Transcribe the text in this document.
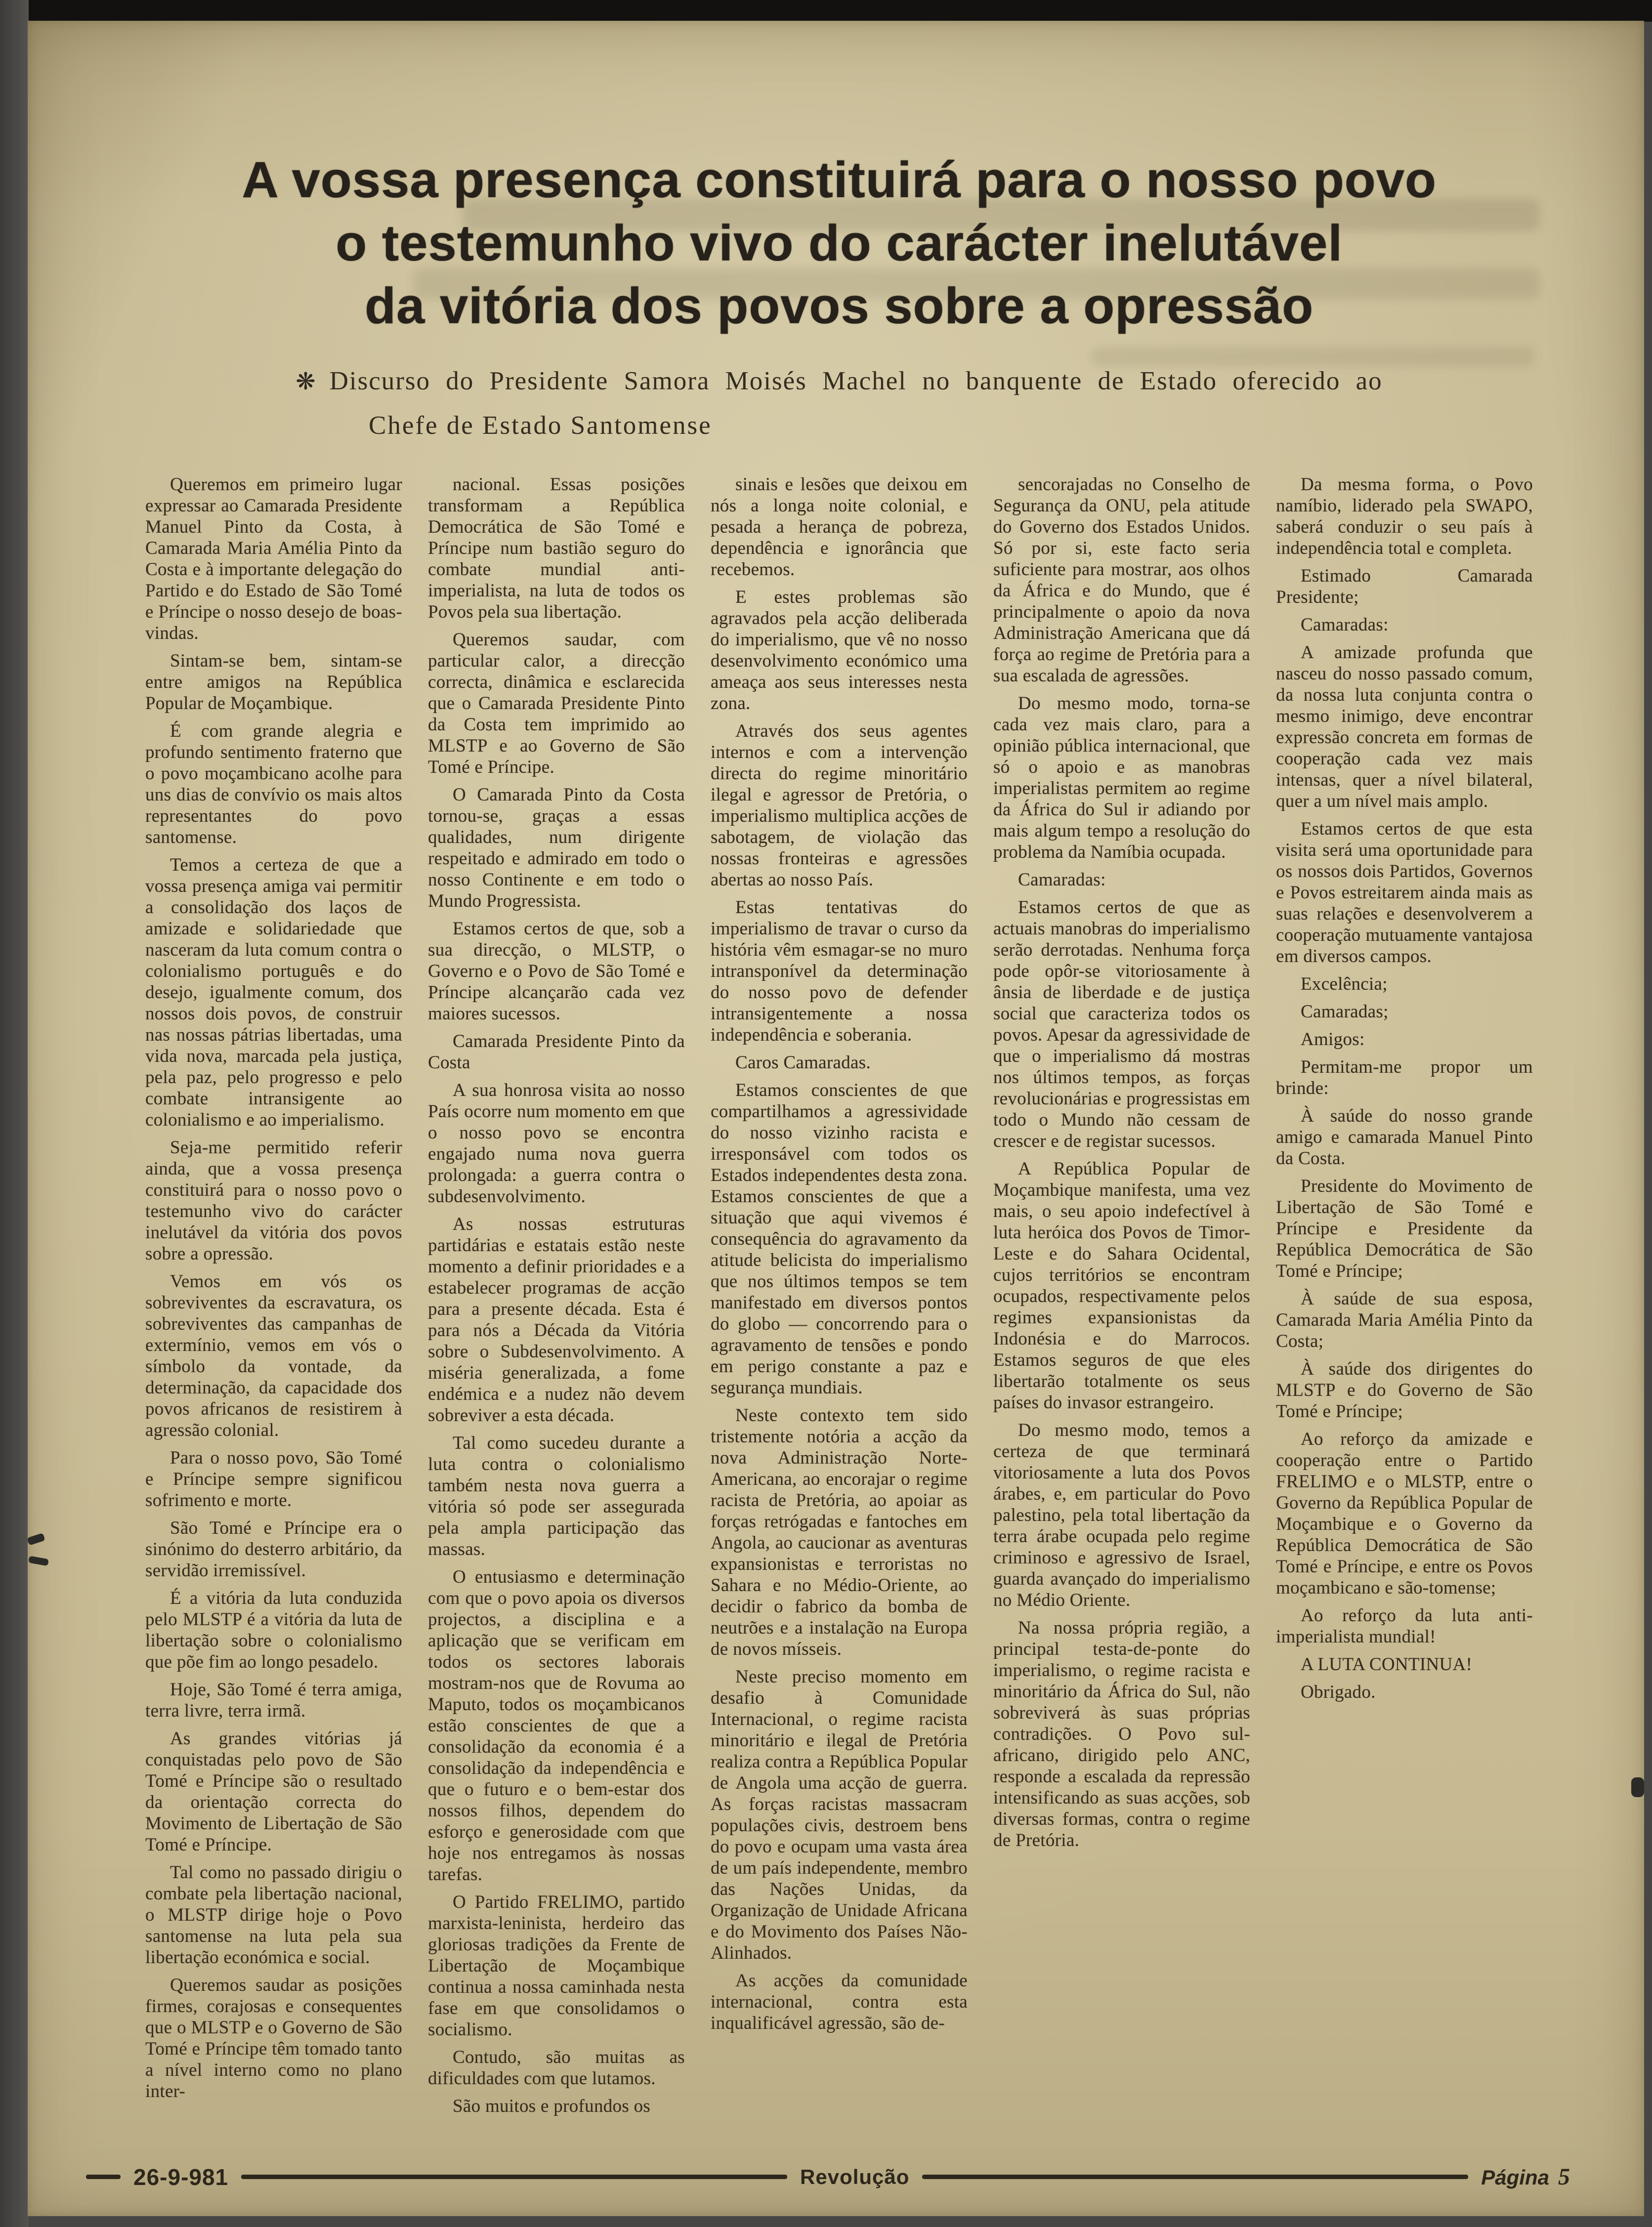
A vossa presença constituirá para o nosso povo
o testemunho vivo do carácter inelutável
da vitória dos povos sobre a opressão
❋ Discurso do Presidente Samora Moisés Machel no banquente de Estado oferecido ao
Chefe de Estado Santomense

Queremos em primeiro lugar expressar ao Camarada Presidente Manuel Pinto da Costa, à Camarada Maria Amélia Pinto da Costa e à importante delegação do Partido e do Estado de São Tomé e Príncipe o nosso desejo de boas-vindas.

Sintam-se bem, sintam-se entre amigos na República Popular de Moçambique.

É com grande alegria e profundo sentimento fraterno que o povo moçambicano acolhe para uns dias de convívio os mais altos representantes do povo santomense.

Temos a certeza de que a vossa presença amiga vai permitir a consolidação dos laços de amizade e solidariedade que nasceram da luta comum contra o colonialismo português e do desejo, igualmente comum, dos nossos dois povos, de construir nas nossas pátrias libertadas, uma vida nova, marcada pela justiça, pela paz, pelo progresso e pelo combate intransigente ao colonialismo e ao imperialismo.

Seja-me permitido referir ainda, que a vossa presença constituirá para o nosso povo o testemunho vivo do carácter inelutável da vitória dos povos sobre a opressão.

Vemos em vós os sobreviventes da escravatura, os sobreviventes das campanhas de extermínio, vemos em vós o símbolo da vontade, da determinação, da capacidade dos povos africanos de resistirem à agressão colonial.

Para o nosso povo, São Tomé e Príncipe sempre significou sofrimento e morte.

São Tomé e Príncipe era o sinónimo do desterro arbitário, da servidão irremissível.

É a vitória da luta conduzida pelo MLSTP é a vitória da luta de libertação sobre o colonialismo que põe fim ao longo pesadelo.

Hoje, São Tomé é terra amiga, terra livre, terra irmã.

As grandes vitórias já conquistadas pelo povo de São Tomé e Príncipe são o resultado da orientação correcta do Movimento de Libertação de São Tomé e Príncipe.

Tal como no passado dirigiu o combate pela libertação nacional, o MLSTP dirige hoje o Povo santomense na luta pela sua libertação económica e social.

Queremos saudar as posições firmes, corajosas e consequentes que o MLSTP e o Governo de São Tomé e Príncipe têm tomado tanto a nível interno como no plano inter-

nacional. Essas posições transformam a República Democrática de São Tomé e Príncipe num bastião seguro do combate mundial anti-imperialista, na luta de todos os Povos pela sua libertação.

Queremos saudar, com particular calor, a direcção correcta, dinâmica e esclarecida que o Camarada Presidente Pinto da Costa tem imprimido ao MLSTP e ao Governo de São Tomé e Príncipe.

O Camarada Pinto da Costa tornou-se, graças a essas qualidades, num dirigente respeitado e admirado em todo o nosso Continente e em todo o Mundo Progressista.

Estamos certos de que, sob a sua direcção, o MLSTP, o Governo e o Povo de São Tomé e Príncipe alcançarão cada vez maiores sucessos.

Camarada Presidente Pinto da Costa

A sua honrosa visita ao nosso País ocorre num momento em que o nosso povo se encontra engajado numa nova guerra prolongada: a guerra contra o subdesenvolvimento.

As nossas estruturas partidárias e estatais estão neste momento a definir prioridades e a estabelecer programas de acção para a presente década. Esta é para nós a Década da Vitória sobre o Subdesenvolvimento. A miséria generalizada, a fome endémica e a nudez não devem sobreviver a esta década.

Tal como sucedeu durante a luta contra o colonialismo também nesta nova guerra a vitória só pode ser assegurada pela ampla participação das massas.

O entusiasmo e determinação com que o povo apoia os diversos projectos, a disciplina e a aplicação que se verificam em todos os sectores laborais mostram-nos que de Rovuma ao Maputo, todos os moçambicanos estão conscientes de que a consolidação da economia é a consolidação da independência e que o futuro e o bem-estar dos nossos filhos, dependem do esforço e generosidade com que hoje nos entregamos às nossas tarefas.

O Partido FRELIMO, partido marxista-leninista, herdeiro das gloriosas tradições da Frente de Libertação de Moçambique continua a nossa caminhada nesta fase em que consolidamos o socialismo.

Contudo, são muitas as dificuldades com que lutamos.

São muitos e profundos os

sinais e lesões que deixou em nós a longa noite colonial, e pesada a herança de pobreza, dependência e ignorância que recebemos.

E estes problemas são agravados pela acção deliberada do imperialismo, que vê no nosso desenvolvimento económico uma ameaça aos seus interesses nesta zona.

Através dos seus agentes internos e com a intervenção directa do regime minoritário ilegal e agressor de Pretória, o imperialismo multiplica acções de sabotagem, de violação das nossas fronteiras e agressões abertas ao nosso País.

Estas tentativas do imperialismo de travar o curso da história vêm esmagar-se no muro intransponível da determinação do nosso povo de defender intransigentemente a nossa independência e soberania.

Caros Camaradas.

Estamos conscientes de que compartilhamos a agressividade do nosso vizinho racista e irresponsável com todos os Estados independentes desta zona. Estamos conscientes de que a situação que aqui vivemos é consequência do agravamento da atitude belicista do imperialismo que nos últimos tempos se tem manifestado em diversos pontos do globo — concorrendo para o agravamento de tensões e pondo em perigo constante a paz e segurança mundiais.

Neste contexto tem sido tristemente notória a acção da nova Administração Norte-Americana, ao encorajar o regime racista de Pretória, ao apoiar as forças retrógadas e fantoches em Angola, ao caucionar as aventuras expansionistas e terroristas no Sahara e no Médio-Oriente, ao decidir o fabrico da bomba de neutrões e a instalação na Europa de novos mísseis.

Neste preciso momento em desafio à Comunidade Internacional, o regime racista minoritário e ilegal de Pretória realiza contra a República Popular de Angola uma acção de guerra. As forças racistas massacram populações civis, destroem bens do povo e ocupam uma vasta área de um país independente, membro das Nações Unidas, da Organização de Unidade Africana e do Movimento dos Países Não-Alinhados.

As acções da comunidade internacional, contra esta inqualificável agressão, são de-

sencorajadas no Conselho de Segurança da ONU, pela atitude do Governo dos Estados Unidos. Só por si, este facto seria suficiente para mostrar, aos olhos da África e do Mundo, que é principalmente o apoio da nova Administração Americana que dá força ao regime de Pretória para a sua escalada de agressões.

Do mesmo modo, torna-se cada vez mais claro, para a opinião pública internacional, que só o apoio e as manobras imperialistas permitem ao regime da África do Sul ir adiando por mais algum tempo a resolução do problema da Namíbia ocupada.

Camaradas:

Estamos certos de que as actuais manobras do imperialismo serão derrotadas. Nenhuma força pode opôr-se vitoriosamente à ânsia de liberdade e de justiça social que caracteriza todos os povos. Apesar da agressividade de que o imperialismo dá mostras nos últimos tempos, as forças revolucionárias e progressistas em todo o Mundo não cessam de crescer e de registar sucessos.

A República Popular de Moçambique manifesta, uma vez mais, o seu apoio indefectível à luta heróica dos Povos de Timor-Leste e do Sahara Ocidental, cujos territórios se encontram ocupados, respectivamente pelos regimes expansionistas da Indonésia e do Marrocos. Estamos seguros de que eles libertarão totalmente os seus países do invasor estrangeiro.

Do mesmo modo, temos a certeza de que terminará vitoriosamente a luta dos Povos árabes, e, em particular do Povo palestino, pela total libertação da terra árabe ocupada pelo regime criminoso e agressivo de Israel, guarda avançado do imperialismo no Médio Oriente.

Na nossa própria região, a principal testa-de-ponte do imperialismo, o regime racista e minoritário da África do Sul, não sobreviverá às suas próprias contradições. O Povo sul-africano, dirigido pelo ANC, responde a escalada da repressão intensificando as suas acções, sob diversas formas, contra o regime de Pretória.

Da mesma forma, o Povo namíbio, liderado pela SWAPO, saberá conduzir o seu país à independência total e completa.

Estimado Camarada Presidente;

Camaradas:

A amizade profunda que nasceu do nosso passado comum, da nossa luta conjunta contra o mesmo inimigo, deve encontrar expressão concreta em formas de cooperação cada vez mais intensas, quer a nível bilateral, quer a um nível mais amplo.

Estamos certos de que esta visita será uma oportunidade para os nossos dois Partidos, Governos e Povos estreitarem ainda mais as suas relações e desenvolverem a cooperação mutuamente vantajosa em diversos campos.

Excelência;

Camaradas;

Amigos:

Permitam-me propor um brinde:

À saúde do nosso grande amigo e camarada Manuel Pinto da Costa.

Presidente do Movimento de Libertação de São Tomé e Príncipe e Presidente da República Democrática de São Tomé e Príncipe;

À saúde de sua esposa, Camarada Maria Amélia Pinto da Costa;

À saúde dos dirigentes do MLSTP e do Governo de São Tomé e Príncipe;

Ao reforço da amizade e cooperação entre o Partido FRELIMO e o MLSTP, entre o Governo da República Popular de Moçambique e o Governo da República Democrática de São Tomé e Príncipe, e entre os Povos moçambicano e são-tomense;

Ao reforço da luta anti-imperialista mundial!

A LUTA CONTINUA!

Obrigado.

26-9-981	Revolução	Página 5
